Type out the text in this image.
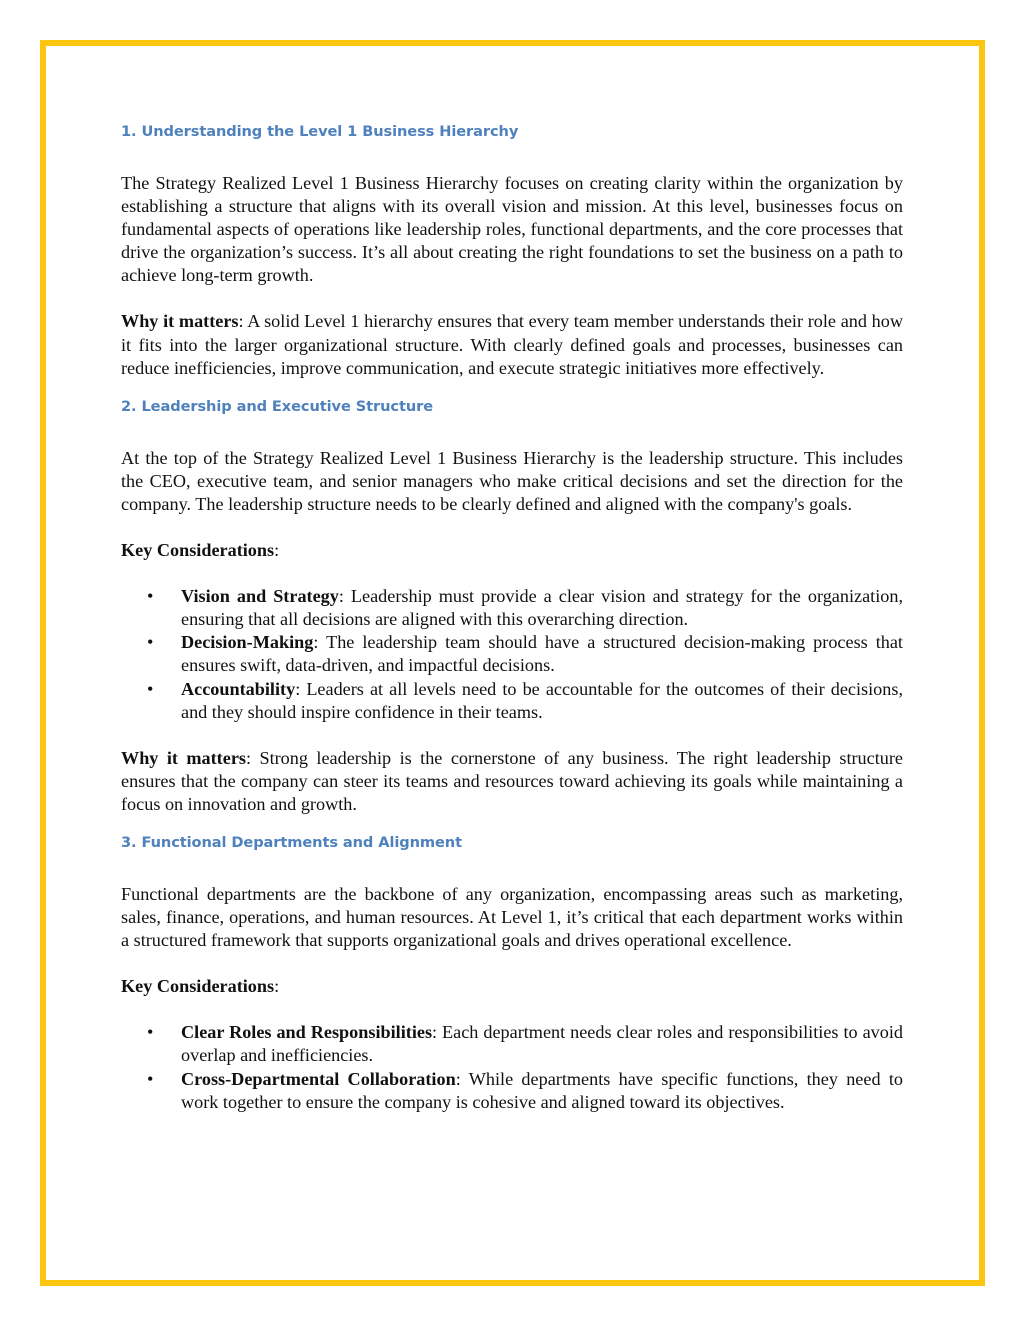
1. Understanding the Level 1 Business Hierarchy

The Strategy Realized Level 1 Business Hierarchy focuses on creating clarity within the organization by establishing a structure that aligns with its overall vision and mission. At this level, businesses focus on fundamental aspects of operations like leadership roles, functional departments, and the core processes that drive the organization’s success. It’s all about creating the right foundations to set the business on a path to achieve long-term growth.

Why it matters: A solid Level 1 hierarchy ensures that every team member understands their role and how it fits into the larger organizational structure. With clearly defined goals and processes, businesses can reduce inefficiencies, improve communication, and execute strategic initiatives more effectively.

2. Leadership and Executive Structure

At the top of the Strategy Realized Level 1 Business Hierarchy is the leadership structure. This includes the CEO, executive team, and senior managers who make critical decisions and set the direction for the company. The leadership structure needs to be clearly defined and aligned with the company's goals.

Key Considerations:

• Vision and Strategy: Leadership must provide a clear vision and strategy for the organization, ensuring that all decisions are aligned with this overarching direction.
• Decision-Making: The leadership team should have a structured decision-making process that ensures swift, data-driven, and impactful decisions.
• Accountability: Leaders at all levels need to be accountable for the outcomes of their decisions, and they should inspire confidence in their teams.

Why it matters: Strong leadership is the cornerstone of any business. The right leadership structure ensures that the company can steer its teams and resources toward achieving its goals while maintaining a focus on innovation and growth.

3. Functional Departments and Alignment

Functional departments are the backbone of any organization, encompassing areas such as marketing, sales, finance, operations, and human resources. At Level 1, it’s critical that each department works within a structured framework that supports organizational goals and drives operational excellence.

Key Considerations:

• Clear Roles and Responsibilities: Each department needs clear roles and responsibilities to avoid overlap and inefficiencies.
• Cross-Departmental Collaboration: While departments have specific functions, they need to work together to ensure the company is cohesive and aligned toward its objectives.
